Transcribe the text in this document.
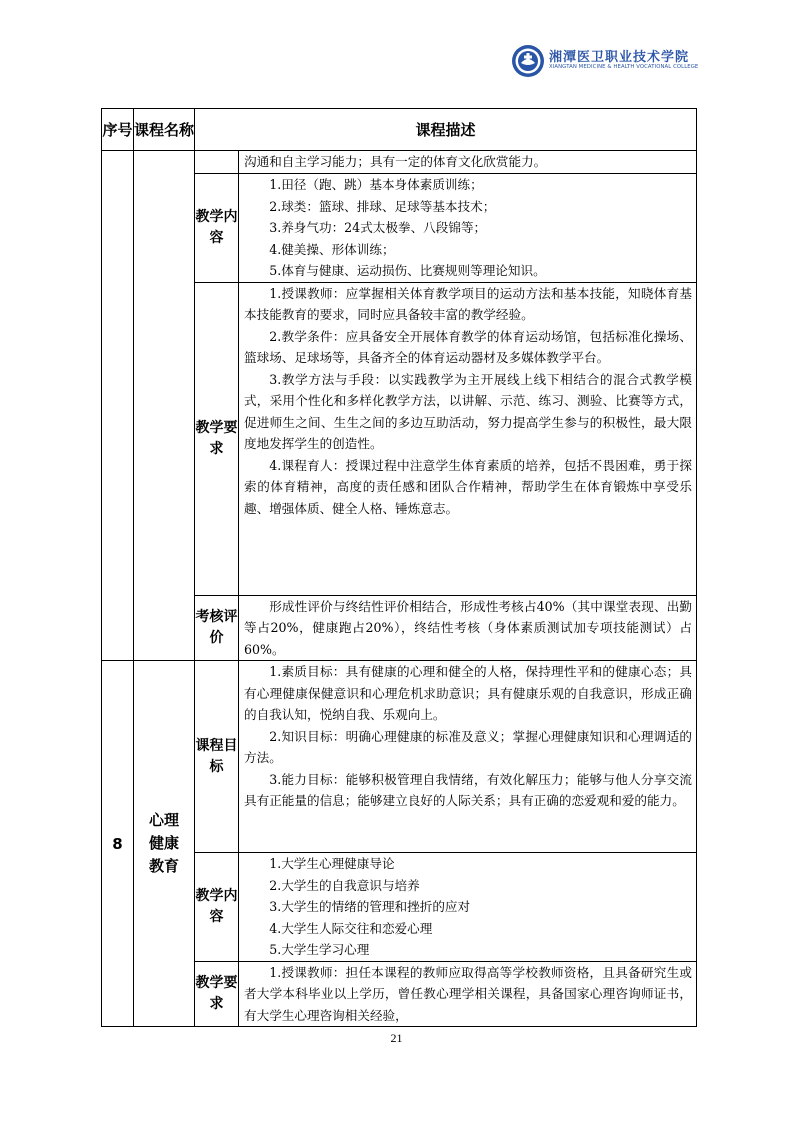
湘潭医卫职业技术学院
XIANGTAN MEDICINE & HEALTH VOCATIONAL COLLEGE
序号	课程名称	课程描述	

			沟通和自主学习能力；具有一定的体育文化欣赏能力。

		教学内容	1.田径（跑、跳）基本身体素质训练；

2.球类：篮球、排球、足球等基本技术；

3.养身气功：24式太极拳、八段锦等；

4.健美操、形体训练；

5.体育与健康、运动损伤、比赛规则等理论知识。

		教学要求	1.授课教师：应掌握相关体育教学项目的运动方法和基本技能，知晓体育基本技能教育的要求，同时应具备较丰富的教学经验。

2.教学条件：应具备安全开展体育教学的体育运动场馆，包括标准化操场、篮球场、足球场等，具备齐全的体育运动器材及多媒体教学平台。

3.教学方法与手段：以实践教学为主开展线上线下相结合的混合式教学模式，采用个性化和多样化教学方法，以讲解、示范、练习、测验、比赛等方式，促进师生之间、生生之间的多边互助活动，努力提高学生参与的积极性，最大限度地发挥学生的创造性。

4.课程育人：授课过程中注意学生体育素质的培养，包括不畏困难，勇于探索的体育精神，高度的责任感和团队合作精神，帮助学生在体育锻炼中享受乐趣、增强体质、健全人格、锤炼意志。

		考核评价	形成性评价与终结性评价相结合，形成性考核占40%（其中课堂表现、出勤等占20%，健康跑占20%），终结性考核（身体素质测试加专项技能测试）占60%。

8	心理健康教育	课程目标	1.素质目标：具有健康的心理和健全的人格，保持理性平和的健康心态；具有心理健康保健意识和心理危机求助意识；具有健康乐观的自我意识，形成正确的自我认知，悦纳自我、乐观向上。

2.知识目标：明确心理健康的标准及意义；掌握心理健康知识和心理调适的方法。

3.能力目标：能够积极管理自我情绪，有效化解压力；能够与他人分享交流具有正能量的信息；能够建立良好的人际关系；具有正确的恋爱观和爱的能力。

		教学内容	1.大学生心理健康导论

2.大学生的自我意识与培养

3.大学生的情绪的管理和挫折的应对

4.大学生人际交往和恋爱心理

5.大学生学习心理

		教学要求	1.授课教师：担任本课程的教师应取得高等学校教师资格，且具备研究生或者大学本科毕业以上学历，曾任教心理学相关课程，具备国家心理咨询师证书，有大学生心理咨询相关经验，

21
